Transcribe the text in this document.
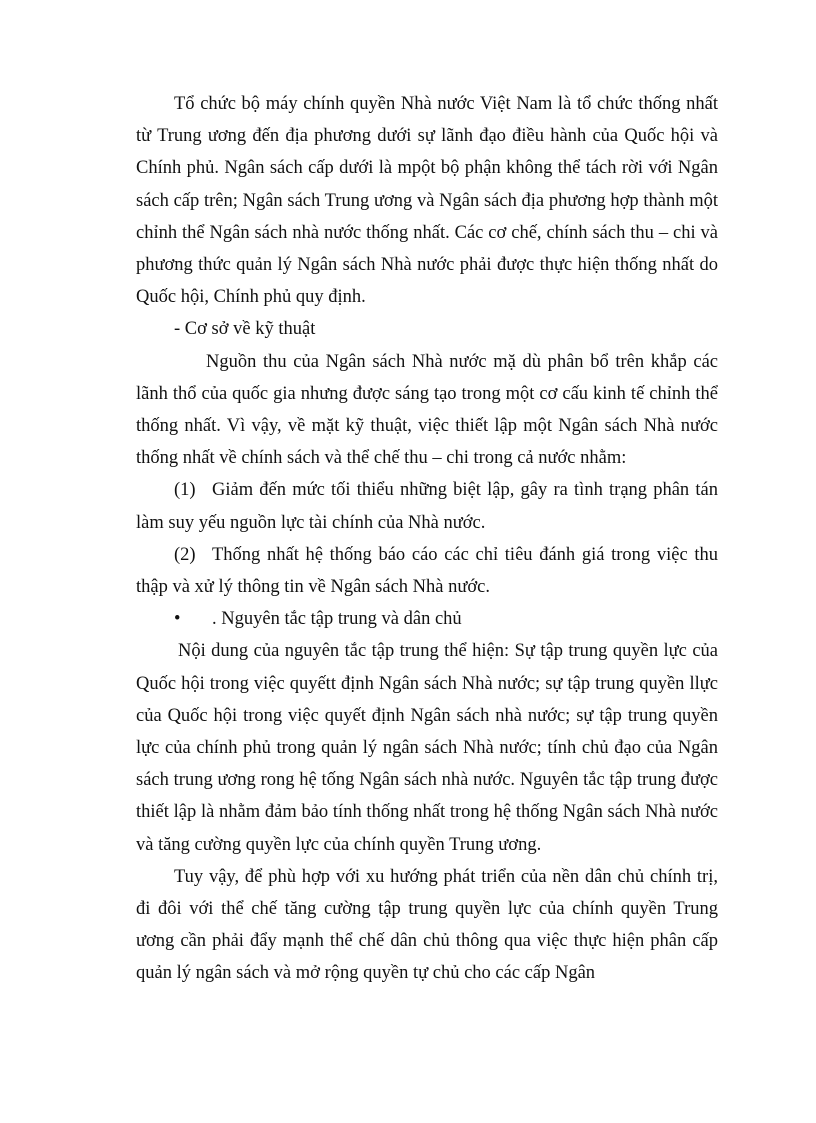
Tổ chức bộ máy chính quyền Nhà nước Việt Nam là tổ chức thống nhất từ Trung ương đến địa phương dưới sự lãnh đạo điều hành của Quốc hội và Chính phủ. Ngân sách cấp dưới là mpột bộ phận không thể tách rời với Ngân sách cấp trên; Ngân sách Trung ương và Ngân sách địa phương hợp thành một chỉnh thể Ngân sách nhà nước thống nhất. Các cơ chế, chính sách thu – chi và phương thức quản lý Ngân sách Nhà nước phải được thực hiện thống nhất do Quốc hội, Chính phủ quy định.

- Cơ sở về kỹ thuật

Nguồn thu của Ngân sách Nhà nước mặ dù phân bổ trên khắp các lãnh thổ của quốc gia nhưng được sáng tạo trong một cơ cấu kinh tế chỉnh thể thống nhất. Vì vậy, về mặt kỹ thuật, việc thiết lập một Ngân sách Nhà nước thống nhất về chính sách và thể chế thu – chi trong cả nước nhằm:

(1) Giảm đến mức tối thiểu những biệt lập, gây ra tình trạng phân tán làm suy yếu nguồn lực tài chính của Nhà nước.

(2) Thống nhất hệ thống báo cáo các chỉ tiêu đánh giá trong việc thu thập và xử lý thông tin về Ngân sách Nhà nước.

• . Nguyên tắc tập trung và dân chủ

Nội dung của nguyên tắc tập trung thể hiện: Sự tập trung quyền lực của Quốc hội trong việc quyếtt định Ngân sách Nhà nước; sự tập trung quyền llực của Quốc hội trong việc quyết định Ngân sách nhà nước; sự tập trung quyền lực của chính phủ trong quản lý ngân sách Nhà nước; tính chủ đạo của Ngân sách trung ương rong hệ tống Ngân sách nhà nước. Nguyên tắc tập trung được thiết lập là nhằm đảm bảo tính thống nhất trong hệ thống Ngân sách Nhà nước và tăng cường quyền lực của chính quyền Trung ương.

Tuy vậy, để phù hợp với xu hướng phát triển của nền dân chủ chính trị, đi đôi với thể chế tăng cường tập trung quyền lực của chính quyền Trung ương cần phải đẩy mạnh thể chế dân chủ thông qua việc thực hiện phân cấp quản lý ngân sách và mở rộng quyền tự chủ cho các cấp Ngân
